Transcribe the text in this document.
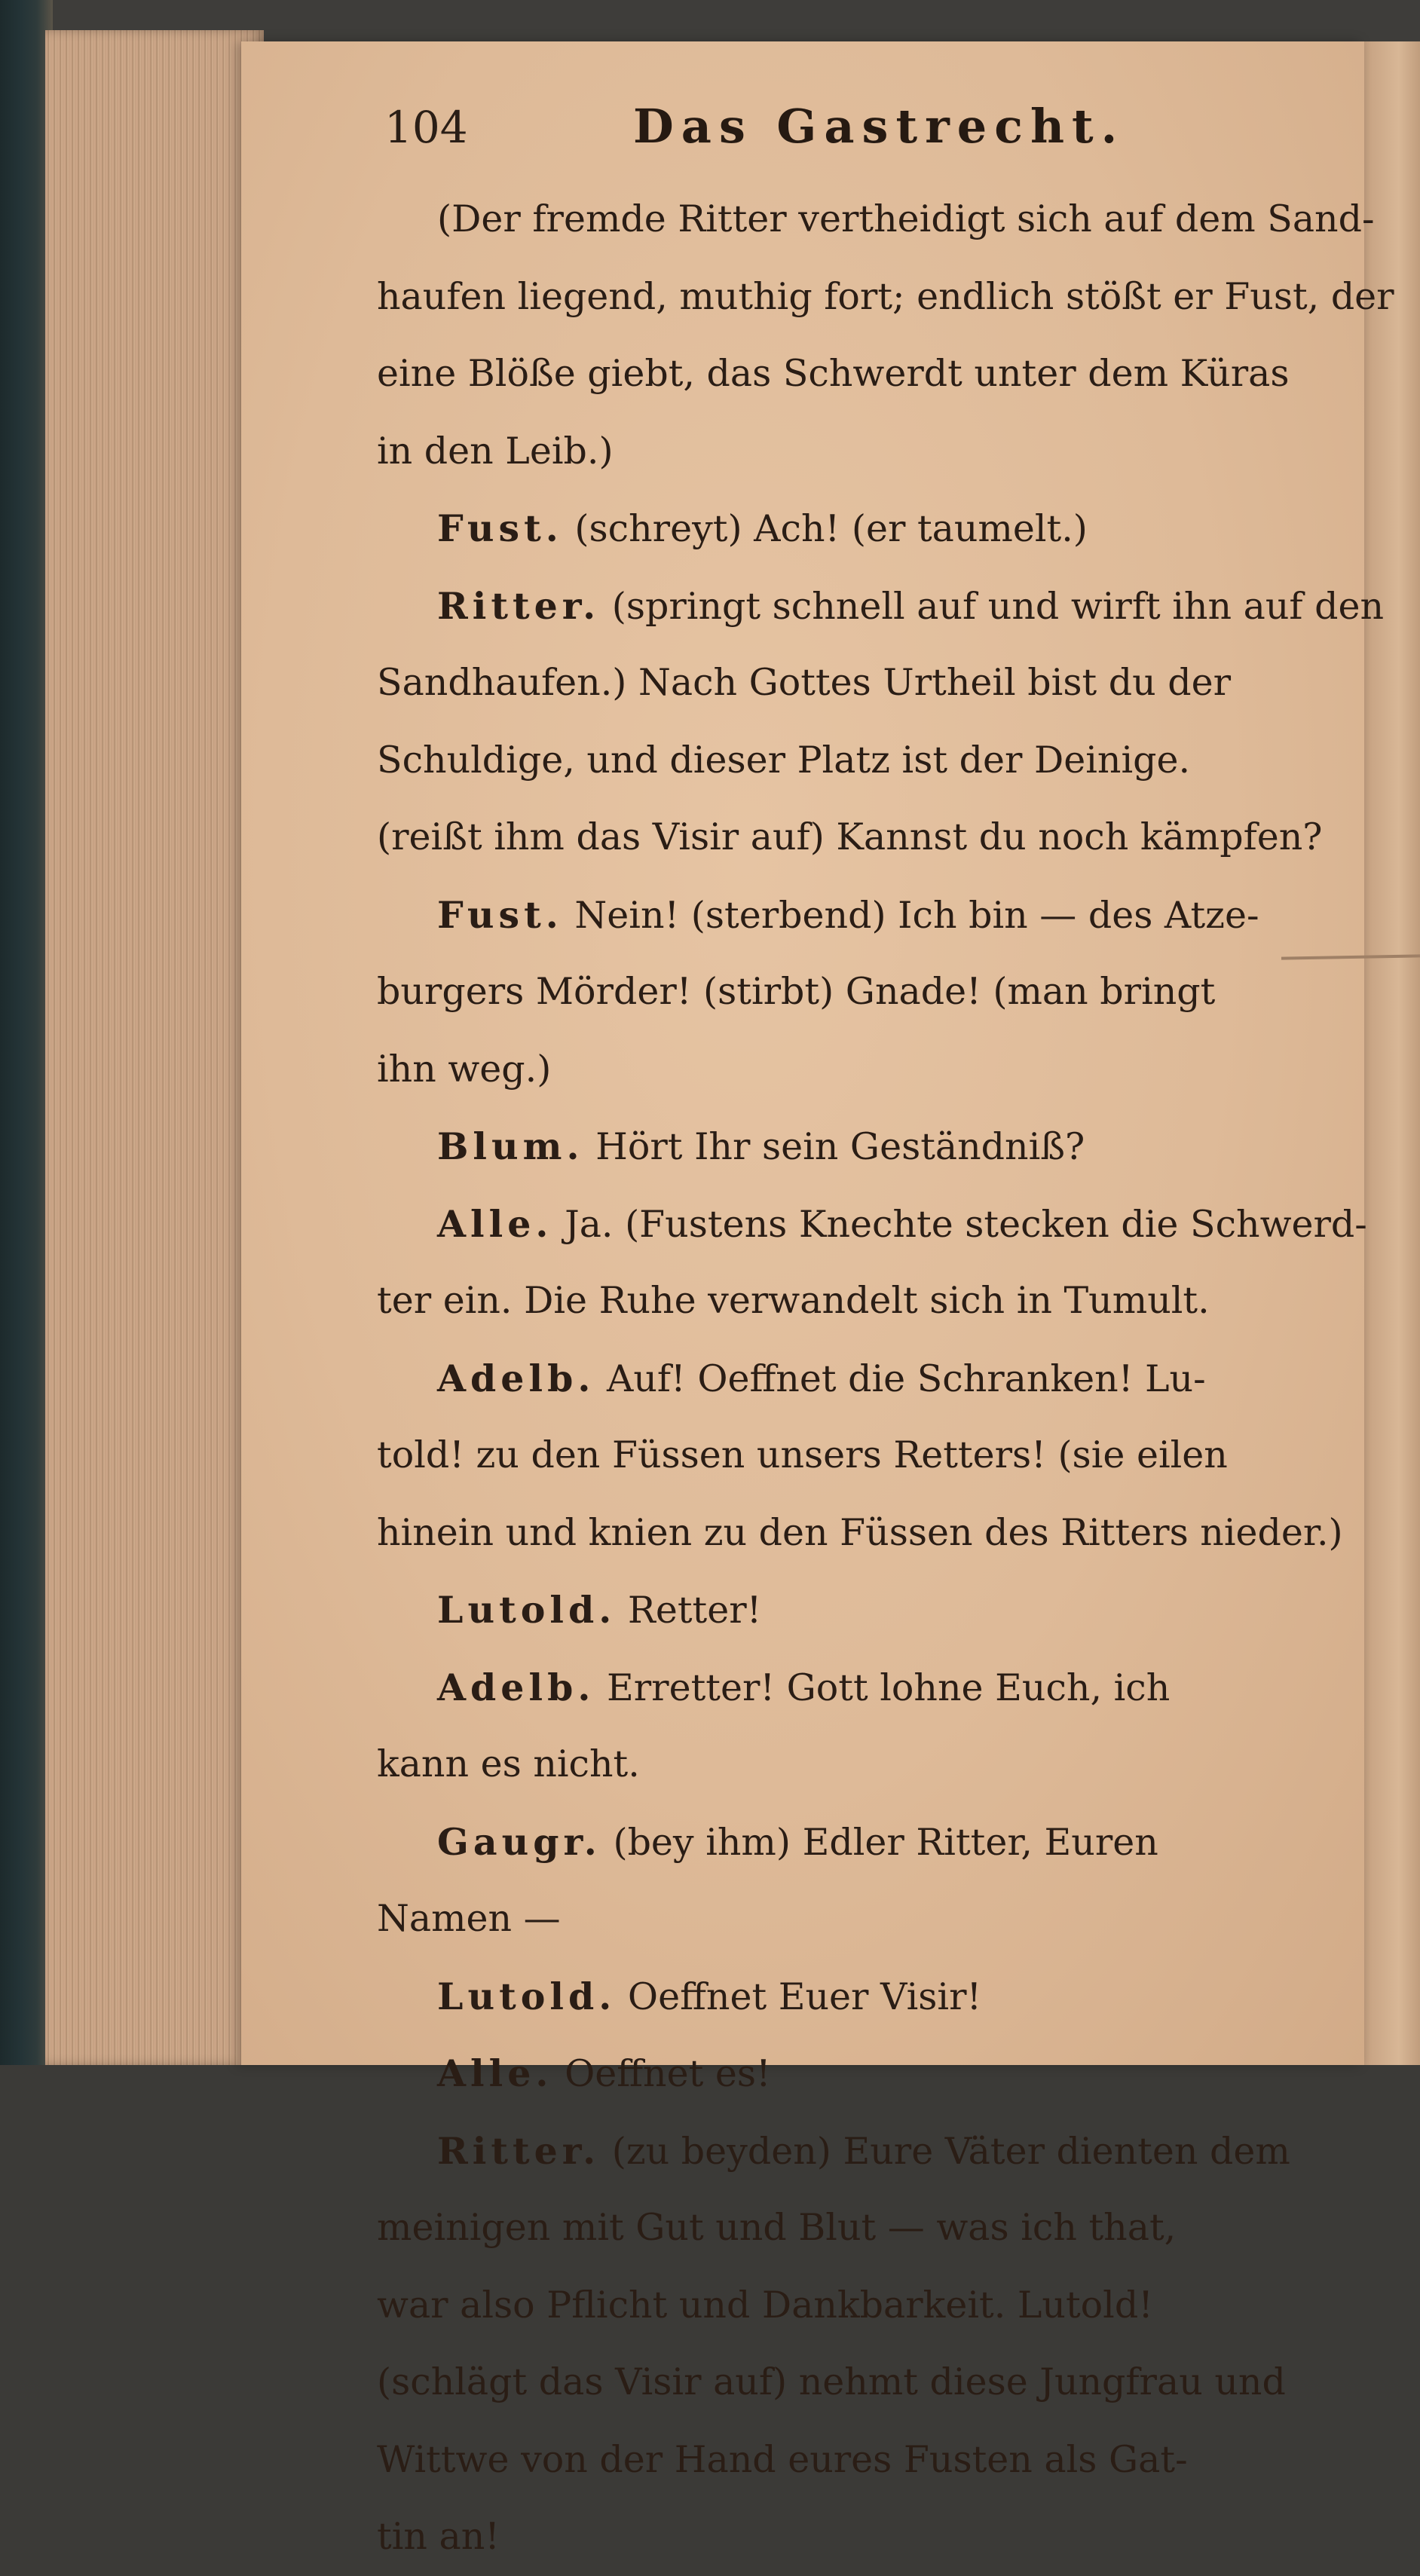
104	Das Gastrecht.

(Der fremde Ritter vertheidigt sich auf dem Sand-
haufen liegend, muthig fort; endlich stößt er Fust, der
eine Blöße giebt, das Schwerdt unter dem Küras
in den Leib.)
Fust. (schreyt) Ach! (er taumelt.)
Ritter. (springt schnell auf und wirft ihn auf den
Sandhaufen.) Nach Gottes Urtheil bist du der
Schuldige, und dieser Platz ist der Deinige.
(reißt ihm das Visir auf) Kannst du noch kämpfen?
Fust. Nein! (sterbend) Ich bin — des Atze-
burgers Mörder! (stirbt) Gnade! (man bringt
ihn weg.)
Blum. Hört Ihr sein Geständniß?
Alle. Ja. (Fustens Knechte stecken die Schwerd-
ter ein. Die Ruhe verwandelt sich in Tumult.
Adelb. Auf! Oeffnet die Schranken! Lu-
told! zu den Füssen unsers Retters! (sie eilen
hinein und knien zu den Füssen des Ritters nieder.)
Lutold. Retter!
Adelb. Erretter! Gott lohne Euch, ich
kann es nicht.
Gaugr. (bey ihm) Edler Ritter, Euren
Namen —
Lutold. Oeffnet Euer Visir!
Alle. Oeffnet es!
Ritter. (zu beyden) Eure Väter dienten dem
meinigen mit Gut und Blut — was ich that,
war also Pflicht und Dankbarkeit. Lutold!
(schlägt das Visir auf) nehmt diese Jungfrau und
Wittwe von der Hand eures Fusten als Gat-
tin an!
